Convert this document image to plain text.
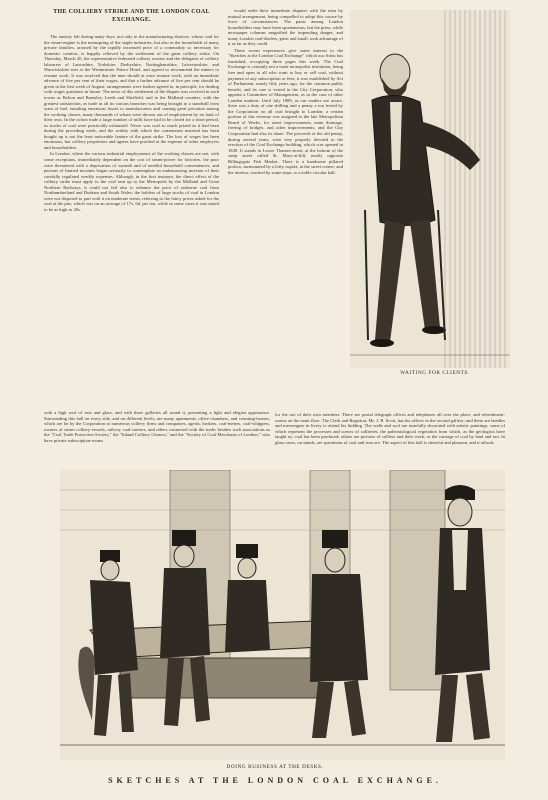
THE COLLIERY STRIKE AND THE LONDON COAL EXCHANGE.

The anxiety felt during many days, not only in the manufacturing districts, whose coal for the steam-engine is the mainspring of the staple industries, but also in the households of many private families, aroused by the rapidly increased price of a commodity so necessary for domestic comfort, is happily relieved by the settlement of the great colliery strike. On Thursday, March 20, the representative federated colliery owners and the delegates of colliery labourers of Lancashire, Yorkshire, Derbyshire, Nottinghamshire, Leicestershire, and Warwickshire met at the Westminster Palace Hotel, and agreed to recommend the miners to resume work. It was resolved that the men should at once resume work, with an immediate advance of five per cent of their wages, and that a further advance of five per cent should be given in the first week of August; arrangements were further agreed to, in principle, for dealing with wages questions in future. The news of this settlement of the dispute was received in such towns as Bolton and Barnsley, Leeds and Sheffield, and in the Midland counties, with the greatest satisfaction, as trade in all its various branches was being brought to a standstill from want of fuel, entailing enormous losses to manufacturers and causing great privation among the working classes, many thousands of whom were thrown out of employment by no fault of their own. In the cotton trade a large number of mills have had to be closed for a short period, as stocks of coal were practically exhausted. Never was coal so much prized as it had been during the preceding week, and the avidity with which the commonest material has been bought up is not the least noticeable feature of the great strike. The loss of wages has been enormous, but colliery proprietors and agents have profited at the expense of other employers and householders.

In London, where the various industrial employments of the working classes are not, with some exceptions, immediately dependent on the cost of steam-power for factories, the poor were threatened with a deprivation of warmth and of needful household conveniences; and persons of limited incomes began seriously to contemplate an embarrassing increase of their carefully regulated weekly expenses. Although, in the first instance, the direct effect of the colliery strike must apply to the coal sent up to the Metropolis by the Midland and Great Northern Railways, it could not fail also to enhance the price of seaborne coal from Northumberland and Durham and South Wales; the holders of large stocks of coal in London were not disposed to part with it on moderate terms, referring to the fancy prices asked for the coal at the pits, which was on an average of 17s. 6d. per ton, while in some cases it was stated to be as high as 20s.

would settle their immediate disputes with the men by mutual arrangement, being compelled to adopt this course by force of circumstances. The panic among London householders may have been spontaneous, but the press, while newspaper columns magnified the impending danger, and many London coal-dealers, great and small, took advantage of it as far as they could.

These recent experiences give some interest to the "Sketches at the London Coal Exchange" which our Artist has furnished, occupying three pages this week. The Coal Exchange is certainly not a trade monopolist institution, being free and open to all who want to buy or sell coal, without payment of any subscription or fees; it was established by Act of Parliament, nearly fifty years ago, for the common public benefit, and its care is vested in the City Corporation, who appoint a Committee of Management, as in the case of other London markets. Until July 1889, as our readers are aware, there was a duty of one shilling and a penny a ton levied by the Corporation on all coal brought to London; a certain portion of this revenue was assigned to the late Metropolitan Board of Works, for street improvements, main drainage, freeing of bridges, and other improvements, and the City Corporation had also its share. The proceeds of the old penny, during several years, were very properly devoted to the erection of the Coal Exchange building, which was opened in 1849. It stands in Lower Thames-street, at the bottom of the steep street called St. Mary-at-hill, nearly opposite Billingsgate Fish Market. There is a handsome pillared portico, surmounted by a lofty cupola, at the street corner; and the interior, reached by some steps, is a noble circular hall.

WAITING FOR CLIENTS.
with a high roof of iron and glass, and with three galleries all round it, presenting a light and elegant appearance. Surrounding this hall on every side, and on different levels, are many apartments, office-chambers, and counting-houses, which are let by the Corporation to numerous colliery firms and companies, agents, brokers, coal-meters, coal-whippers, owners of steam colliery-vessels, railway coal-carriers, and others connected with the trade; besides such associations as the "Coal Trade Protection Society," the "Inland Colliery Owners," and the "Society of Coal Merchants of London," who have private subscription-rooms
for the use of their own members. There are postal telegraph offices and telephones all over the place; and refreshment-rooms on the main floor. The Clerk and Registrar, Mr. J. B. Scott, has his offices in the second gallery; and there are beadles and messengers in livery to attend his bidding. The walls and roof are tastefully decorated with artistic paintings, some of which represent the processes and scenes of collieries, the paleontological vegetation from which, as the geologists have taught us, coal has been produced; others are pictures of colliers and their work, or the carriage of coal by land and sea. In glass cases, on stands, are specimens of coal and iron ore. The aspect of this hall is cheerful and pleasant, and it affords
DOING BUSINESS AT THE DESKS.
SKETCHES AT THE LONDON COAL EXCHANGE.
